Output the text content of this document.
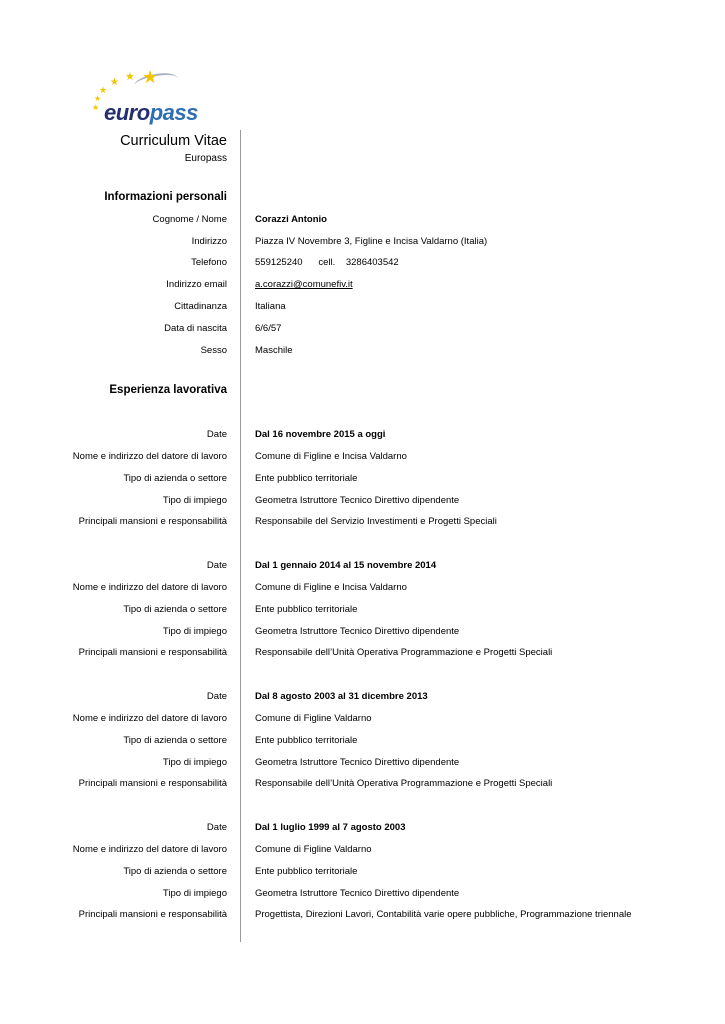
★
★
★
★ ★ ★
europass
Curriculum Vitae
Europass
Informazioni personali
Cognome / Nome	Corazzi Antonio
Indirizzo	Piazza IV Novembre 3, Figline e Incisa Valdarno (Italia)
Telefono	559125240      cell.    3286403542
Indirizzo email	a.corazzi@comunefiv.it
Cittadinanza	Italiana
Data di nascita	6/6/57
Sesso	Maschile
Esperienza lavorativa
Date	Dal 16 novembre 2015 a oggi
Nome e indirizzo del datore di lavoro	Comune di Figline e Incisa Valdarno
Tipo di azienda o settore	Ente pubblico territoriale
Tipo di impiego	Geometra Istruttore Tecnico Direttivo dipendente
Principali mansioni e responsabilità	Responsabile del Servizio Investimenti e Progetti Speciali
Date	Dal 1 gennaio 2014 al 15 novembre 2014
Nome e indirizzo del datore di lavoro	Comune di Figline e Incisa Valdarno
Tipo di azienda o settore	Ente pubblico territoriale
Tipo di impiego	Geometra Istruttore Tecnico Direttivo dipendente
Principali mansioni e responsabilità	Responsabile dell’Unità Operativa Programmazione e Progetti Speciali
Date	Dal 8 agosto 2003 al 31 dicembre 2013
Nome e indirizzo del datore di lavoro	Comune di Figline Valdarno
Tipo di azienda o settore	Ente pubblico territoriale
Tipo di impiego	Geometra Istruttore Tecnico Direttivo dipendente
Principali mansioni e responsabilità	Responsabile dell’Unità Operativa Programmazione e Progetti Speciali
Date	Dal 1 luglio 1999 al 7 agosto 2003
Nome e indirizzo del datore di lavoro	Comune di Figline Valdarno
Tipo di azienda o settore	Ente pubblico territoriale
Tipo di impiego	Geometra Istruttore Tecnico Direttivo dipendente
Principali mansioni e responsabilità	Progettista, Direzioni Lavori, Contabilità varie opere pubbliche, Programmazione triennale
